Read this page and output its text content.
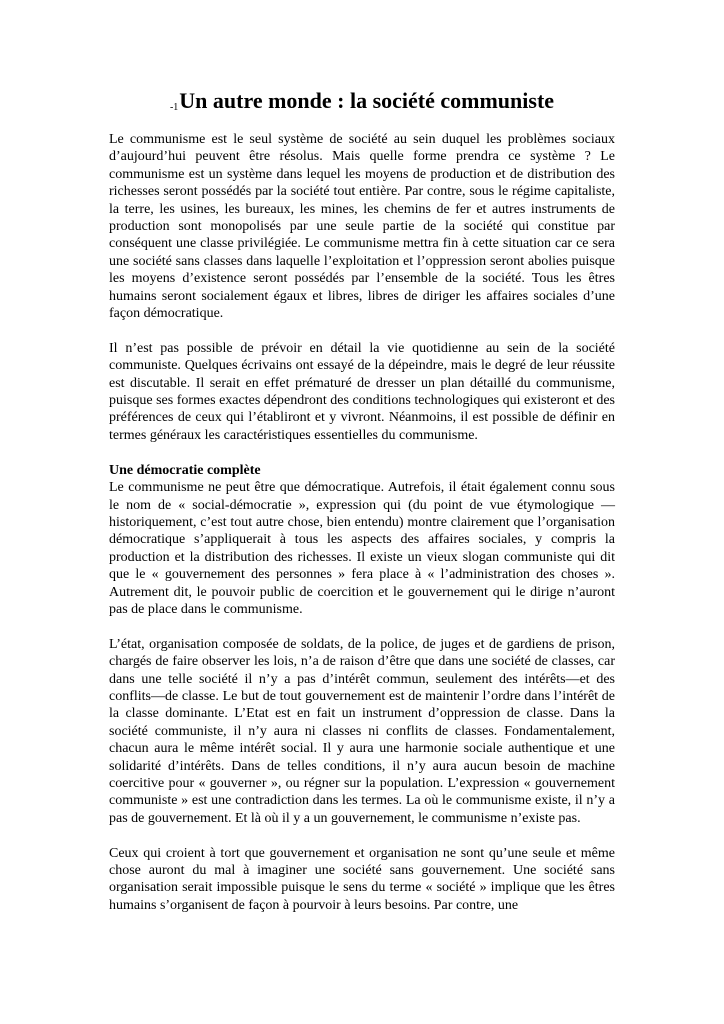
$^{-1}$Un autre monde : la société communiste

Le communisme est le seul système de société au sein duquel les problèmes sociaux d’aujourd’hui peuvent être résolus. Mais quelle forme prendra ce système ? Le communisme est un système dans lequel les moyens de production et de distribution des richesses seront possédés par la société tout entière. Par contre, sous le régime capitaliste, la terre, les usines, les bureaux, les mines, les chemins de fer et autres instruments de production sont monopolisés par une seule partie de la société qui constitue par conséquent une classe privilégiée. Le communisme mettra fin à cette situation car ce sera une société sans classes dans laquelle l’exploitation et l’oppression seront abolies puisque les moyens d’existence seront possédés par l’ensemble de la société. Tous les êtres humains seront socialement égaux et libres, libres de diriger les affaires sociales d’une façon démocratique.

Il n’est pas possible de prévoir en détail la vie quotidienne au sein de la société communiste. Quelques écrivains ont essayé de la dépeindre, mais le degré de leur réussite est discutable. Il serait en effet prématuré de dresser un plan détaillé du communisme, puisque ses formes exactes dépendront des conditions technologiques qui existeront et des préférences de ceux qui l’établiront et y vivront. Néanmoins, il est possible de définir en termes généraux les caractéristiques essentielles du communisme.

Une démocratie complète

Le communisme ne peut être que démocratique. Autrefois, il était également connu sous le nom de « social-démocratie », expression qui (du point de vue étymologique —historiquement, c’est tout autre chose, bien entendu) montre clairement que l’organisation démocratique s’appliquerait à tous les aspects des affaires sociales, y compris la production et la distribution des richesses. Il existe un vieux slogan communiste qui dit que le « gouvernement des personnes » fera place à « l’administration des choses ». Autrement dit, le pouvoir public de coercition et le gouvernement qui le dirige n’auront pas de place dans le communisme.

L’état, organisation composée de soldats, de la police, de juges et de gardiens de prison, chargés de faire observer les lois, n’a de raison d’être que dans une société de classes, car dans une telle société il n’y a pas d’intérêt commun, seulement des intérêts—et des conflits—de classe. Le but de tout gouvernement est de maintenir l’ordre dans l’intérêt de la classe dominante. L’Etat est en fait un instrument d’oppression de classe. Dans la société communiste, il n’y aura ni classes ni conflits de classes. Fondamentalement, chacun aura le même intérêt social. Il y aura une harmonie sociale authentique et une solidarité d’intérêts. Dans de telles conditions, il n’y aura aucun besoin de machine coercitive pour « gouverner », ou régner sur la population. L’expression « gouvernement communiste » est une contradiction dans les termes. La où le communisme existe, il n’y a pas de gouvernement. Et là où il y a un gouvernement, le communisme n’existe pas.

Ceux qui croient à tort que gouvernement et organisation ne sont qu’une seule et même chose auront du mal à imaginer une société sans gouvernement. Une société sans organisation serait impossible puisque le sens du terme « société » implique que les êtres humains s’organisent de façon à pourvoir à leurs besoins. Par contre, une
